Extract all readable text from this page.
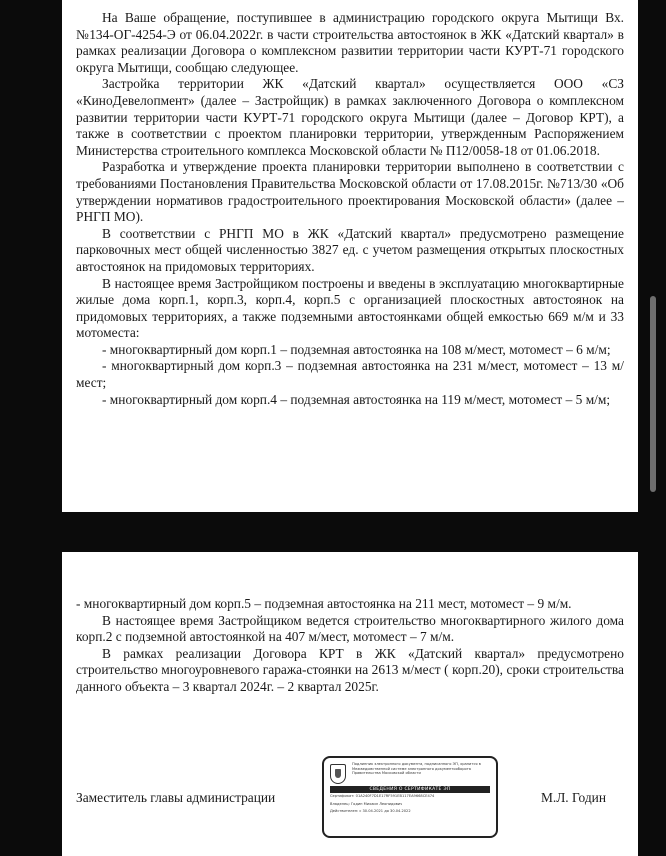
На Ваше обращение, поступившее в администрацию городского округа Мытищи Вх.№134-ОГ-4254-Э от 06.04.2022г. в части строительства автостоянок в ЖК «Датский квартал» в рамках реализации Договора о комплексном развитии территории части КУРТ-71 городского округа Мытищи, сообщаю следующее.

Застройка территории ЖК «Датский квартал» осуществляется ООО «СЗ «КиноДевелопмент» (далее – Застройщик) в рамках заключенного Договора о комплексном развитии территории части КУРТ-71 городского округа Мытищи (далее – Договор КРТ), а также в соответствии с проектом планировки территории, утвержденным Распоряжением Министерства строительного комплекса Московской области № П12/0058-18 от 01.06.2018.

Разработка и утверждение проекта планировки территории выполнено в соответствии с требованиями Постановления Правительства Московской области от 17.08.2015г. №713/30 «Об утверждении нормативов градостроительного проектирования Московской области» (далее – РНГП МО).

В соответствии с РНГП МО в ЖК «Датский квартал» предусмотрено размещение парковочных мест общей численностью 3827 ед. с учетом размещения открытых плоскостных автостоянок на придомовых территориях.

В настоящее время Застройщиком построены и введены в эксплуатацию многоквартирные жилые дома корп.1, корп.3, корп.4, корп.5 с организацией плоскостных автостоянок на придомовых территориях, а также подземными автостоянками общей емкостью 669 м/м и 33 мотоместа:

- многоквартирный дом корп.1 – подземная автостоянка на 108 м/мест, мотомест – 6 м/м;

- многоквартирный дом корп.3 – подземная автостоянка на 231 м/мест, мотомест – 13 м/мест;

- многоквартирный дом корп.4 – подземная автостоянка на 119 м/мест, мотомест – 5 м/м;

- многоквартирный дом корп.5 – подземная автостоянка на 211 мест, мотомест – 9 м/м.

В настоящее время Застройщиком ведется строительство многоквартирного жилого дома корп.2 с подземной автостоянкой на 407 м/мест, мотомест – 7 м/м.

В рамках реализации Договора КРТ в ЖК «Датский квартал» предусмотрено строительство многоуровневого гаража-стоянки на 2613 м/мест ( корп.20), сроки строительства данного объекта – 3 квартал 2024г. – 2 квартал 2025г.

Заместитель главы администрации
Подлинник электронного документа, подписанного ЭП, хранится в Межведомственной системе электронного документооборота Правительства Московской области
СВЕДЕНИЯ О СЕРТИФИКАТЕ ЭП
Сертификат: 01A240F7D1E17RF591EB117EA9668CE474
Владелец: Годин Михаил Леонидович
Действителен: с 30.04.2021 до 30.04.2022
М.Л. Годин
